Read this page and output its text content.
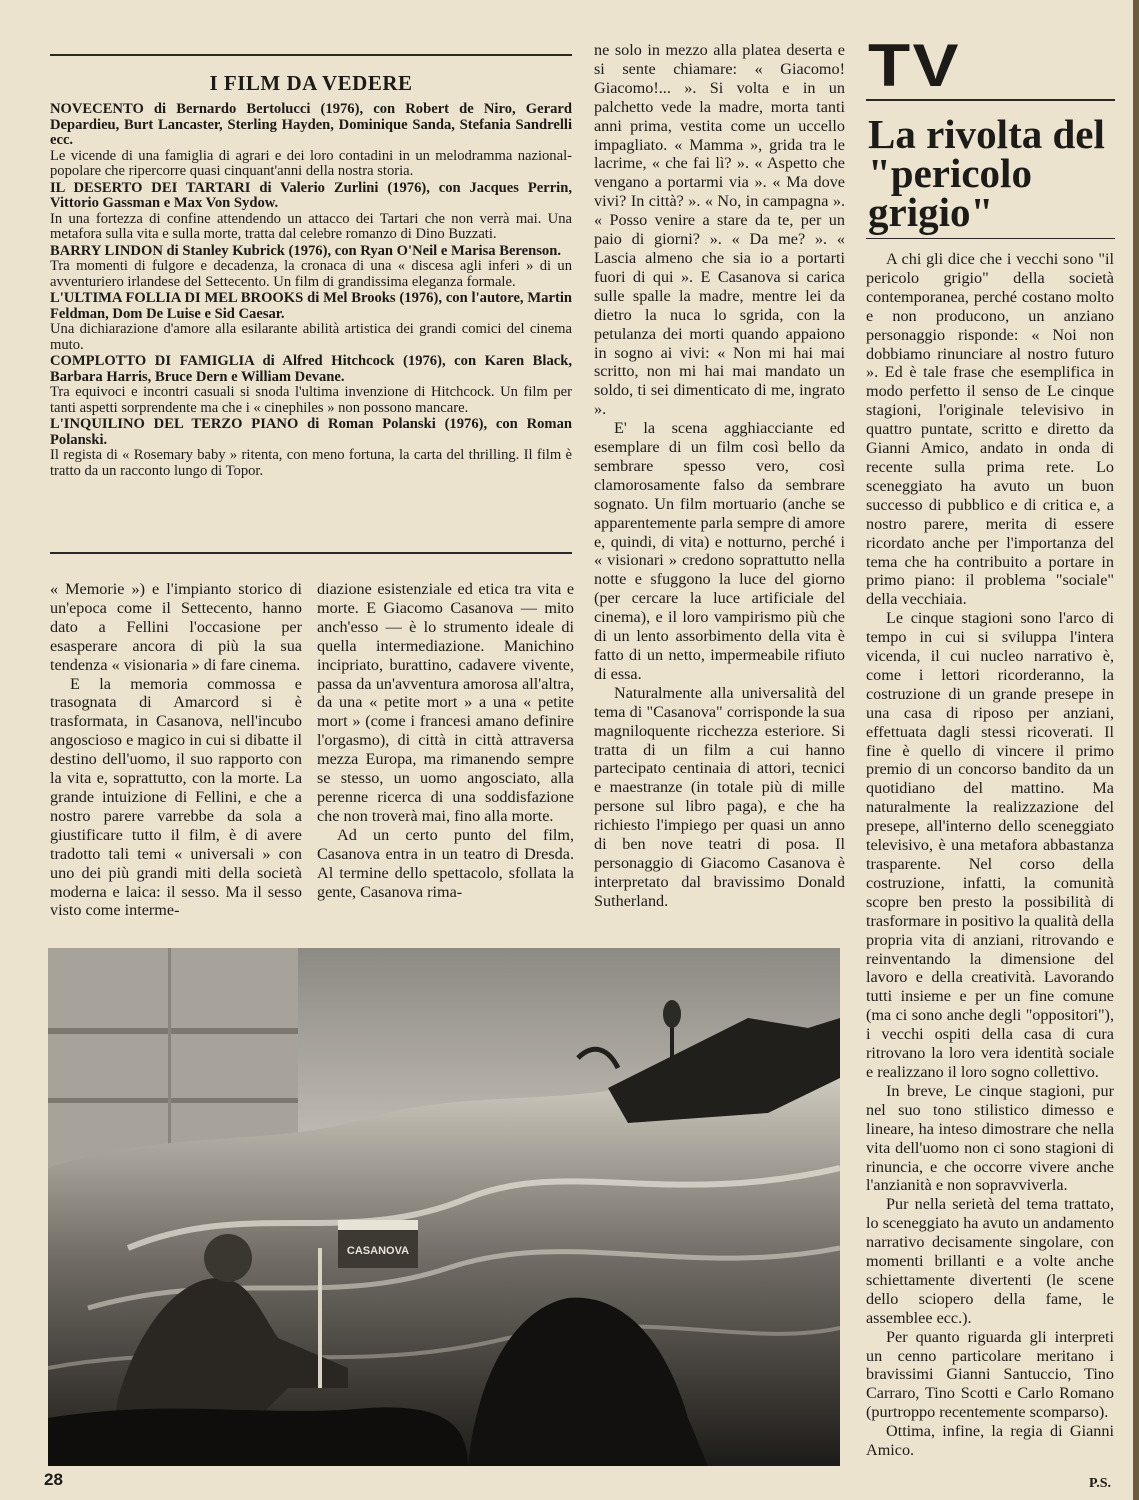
I FILM DA VEDERE
NOVECENTO di Bernardo Bertolucci (1976), con Robert de Niro, Gerard Depardieu, Burt Lancaster, Sterling Hayden, Dominique Sanda, Stefania Sandrelli ecc.
Le vicende di una famiglia di agrari e dei loro contadini in un melodramma nazional-popolare che ripercorre quasi cinquant'anni della nostra storia.
IL DESERTO DEI TARTARI di Valerio Zurlini (1976), con Jacques Perrin, Vittorio Gassman e Max Von Sydow.
In una fortezza di confine attendendo un attacco dei Tartari che non verrà mai. Una metafora sulla vita e sulla morte, tratta dal celebre romanzo di Dino Buzzati.
BARRY LINDON di Stanley Kubrick (1976), con Ryan O'Neil e Marisa Berenson.
Tra momenti di fulgore e decadenza, la cronaca di una « discesa agli inferi » di un avventuriero irlandese del Settecento. Un film di grandissima eleganza formale.
L'ULTIMA FOLLIA DI MEL BROOKS di Mel Brooks (1976), con l'autore, Martin Feldman, Dom De Luise e Sid Caesar.
Una dichiarazione d'amore alla esilarante abilità artistica dei grandi comici del cinema muto.
COMPLOTTO DI FAMIGLIA di Alfred Hitchcock (1976), con Karen Black, Barbara Harris, Bruce Dern e William Devane.
Tra equivoci e incontri casuali si snoda l'ultima invenzione di Hitchcock. Un film per tanti aspetti sorprendente ma che i « cinephiles » non possono mancare.
L'INQUILINO DEL TERZO PIANO di Roman Polanski (1976), con Roman Polanski.
Il regista di « Rosemary baby » ritenta, con meno fortuna, la carta del thrilling. Il film è tratto da un racconto lungo di Topor.

« Memorie ») e l'impianto storico di un'epoca come il Settecento, hanno dato a Fellini l'occasione per esasperare ancora di più la sua tendenza « visionaria » di fare cinema.

E la memoria commossa e trasognata di Amarcord si è trasformata, in Casanova, nell'incubo angoscioso e magico in cui si dibatte il destino dell'uomo, il suo rapporto con la vita e, soprattutto, con la morte. La grande intuizione di Fellini, e che a nostro parere varrebbe da sola a giustificare tutto il film, è di avere tradotto tali temi « universali » con uno dei più grandi miti della società moderna e laica: il sesso. Ma il sesso visto come interme-

diazione esistenziale ed etica tra vita e morte. E Giacomo Casanova — mito anch'esso — è lo strumento ideale di quella intermediazione. Manichino incipriato, burattino, cadavere vivente, passa da un'avventura amorosa all'altra, da una « petite mort » a una « petite mort » (come i francesi amano definire l'orgasmo), di città in città attraversa mezza Europa, ma rimanendo sempre se stesso, un uomo angosciato, alla perenne ricerca di una soddisfazione che non troverà mai, fino alla morte.

Ad un certo punto del film, Casanova entra in un teatro di Dresda. Al termine dello spettacolo, sfollata la gente, Casanova rima-

ne solo in mezzo alla platea deserta e si sente chiamare: « Giacomo! Giacomo!... ». Si volta e in un palchetto vede la madre, morta tanti anni prima, vestita come un uccello impagliato. « Mamma », grida tra le lacrime, « che fai lì? ». « Aspetto che vengano a portarmi via ». « Ma dove vivi? In città? ». « No, in campagna ». « Posso venire a stare da te, per un paio di giorni? ». « Da me? ». « Lascia almeno che sia io a portarti fuori di qui ». E Casanova si carica sulle spalle la madre, mentre lei da dietro la nuca lo sgrida, con la petulanza dei morti quando appaiono in sogno ai vivi: « Non mi hai mai scritto, non mi hai mai mandato un soldo, ti sei dimenticato di me, ingrato ».

E' la scena agghiacciante ed esemplare di un film così bello da sembrare spesso vero, così clamorosamente falso da sembrare sognato. Un film mortuario (anche se apparentemente parla sempre di amore e, quindi, di vita) e notturno, perché i « visionari » credono soprattutto nella notte e sfuggono la luce del giorno (per cercare la luce artificiale del cinema), e il loro vampirismo più che di un lento assorbimento della vita è fatto di un netto, impermeabile rifiuto di essa.

Naturalmente alla universalità del tema di "Casanova" corrisponde la sua magniloquente ricchezza esteriore. Si tratta di un film a cui hanno partecipato centinaia di attori, tecnici e maestranze (in totale più di mille persone sul libro paga), e che ha richiesto l'impiego per quasi un anno di ben nove teatri di posa. Il personaggio di Giacomo Casanova è interpretato dal bravissimo Donald Sutherland.

TV
La rivolta del "pericolo grigio"

A chi gli dice che i vecchi sono "il pericolo grigio" della società contemporanea, perché costano molto e non producono, un anziano personaggio risponde: « Noi non dobbiamo rinunciare al nostro futuro ». Ed è tale frase che esemplifica in modo perfetto il senso de Le cinque stagioni, l'originale televisivo in quattro puntate, scritto e diretto da Gianni Amico, andato in onda di recente sulla prima rete. Lo sceneggiato ha avuto un buon successo di pubblico e di critica e, a nostro parere, merita di essere ricordato anche per l'importanza del tema che ha contribuito a portare in primo piano: il problema "sociale" della vecchiaia.

Le cinque stagioni sono l'arco di tempo in cui si sviluppa l'intera vicenda, il cui nucleo narrativo è, come i lettori ricorderanno, la costruzione di un grande presepe in una casa di riposo per anziani, effettuata dagli stessi ricoverati. Il fine è quello di vincere il primo premio di un concorso bandito da un quotidiano del mattino. Ma naturalmente la realizzazione del presepe, all'interno dello sceneggiato televisivo, è una metafora abbastanza trasparente. Nel corso della costruzione, infatti, la comunità scopre ben presto la possibilità di trasformare in positivo la qualità della propria vita di anziani, ritrovando e reinventando la dimensione del lavoro e della creatività. Lavorando tutti insieme e per un fine comune (ma ci sono anche degli "oppositori"), i vecchi ospiti della casa di cura ritrovano la loro vera identità sociale e realizzano il loro sogno collettivo.

In breve, Le cinque stagioni, pur nel suo tono stilistico dimesso e lineare, ha inteso dimostrare che nella vita dell'uomo non ci sono stagioni di rinuncia, e che occorre vivere anche l'anzianità e non sopravviverla.

Pur nella serietà del tema trattato, lo sceneggiato ha avuto un andamento narrativo decisamente singolare, con momenti brillanti e a volte anche schiettamente divertenti (le scene dello sciopero della fame, le assemblee ecc.).

Per quanto riguarda gli interpreti un cenno particolare meritano i bravissimi Gianni Santuccio, Tino Carraro, Tino Scotti e Carlo Romano (purtroppo recentemente scomparso).

Ottima, infine, la regia di Gianni Amico.

P.S.
CASANOVA
28
